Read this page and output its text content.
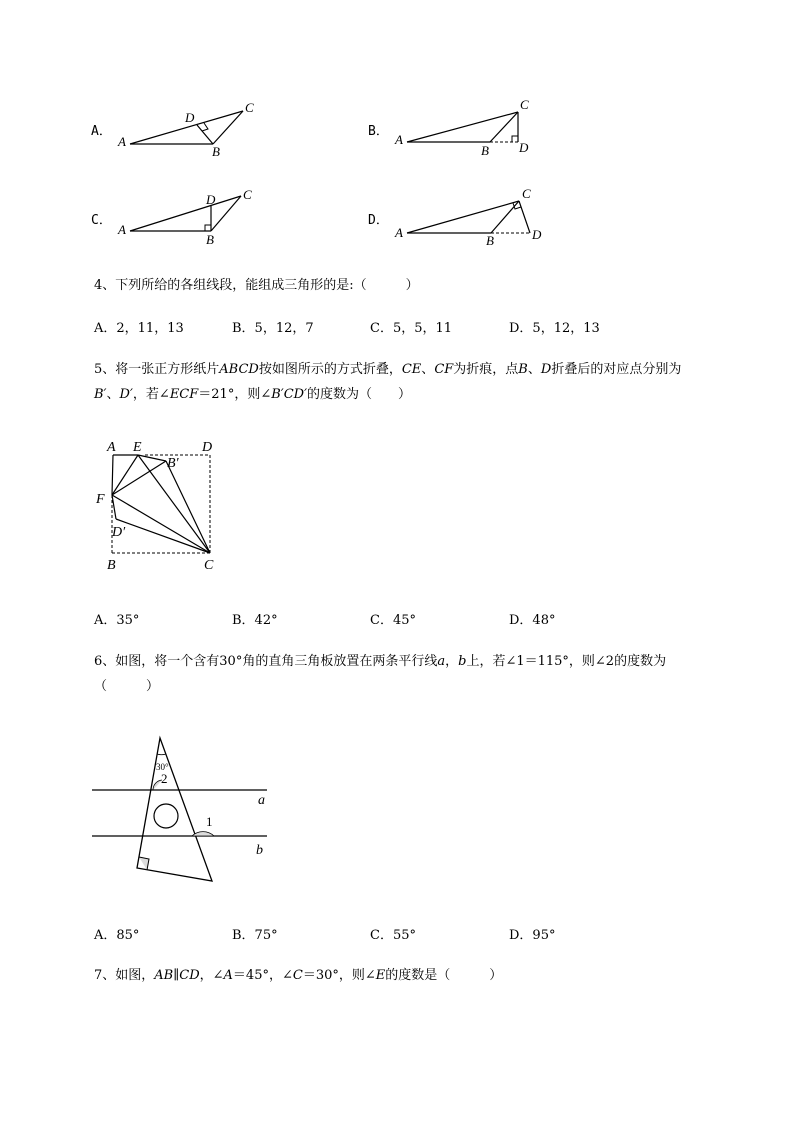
A．
A
D
C
B
B．
A
C
B D
C．
A
D C
B
D．
A
C
B	D
4、下列所给的各组线段，能组成三角形的是:（　　　）
A．2，11，13	B．5，12，7	C．5，5，11	D．5，12，13
5、将一张正方形纸片ABCD按如图所示的方式折叠，CE、CF为折痕，点B、D折叠后的对应点分别为
B′、D′，若∠ECF＝21°，则∠B′CD′的度数为（　　）
A E	D
B′
F
D′
B	C
A．35°	B．42°	C．45°	D．48°
6、如图，将一个含有30°角的直角三角板放置在两条平行线a，b上，若∠1＝115°，则∠2的度数为
（　　　）
30°
2
1
a
b
A．85°	B．75°	C．55°	D．95°
7、如图，AB∥CD，∠A＝45°，∠C＝30°，则∠E的度数是（　　　）
